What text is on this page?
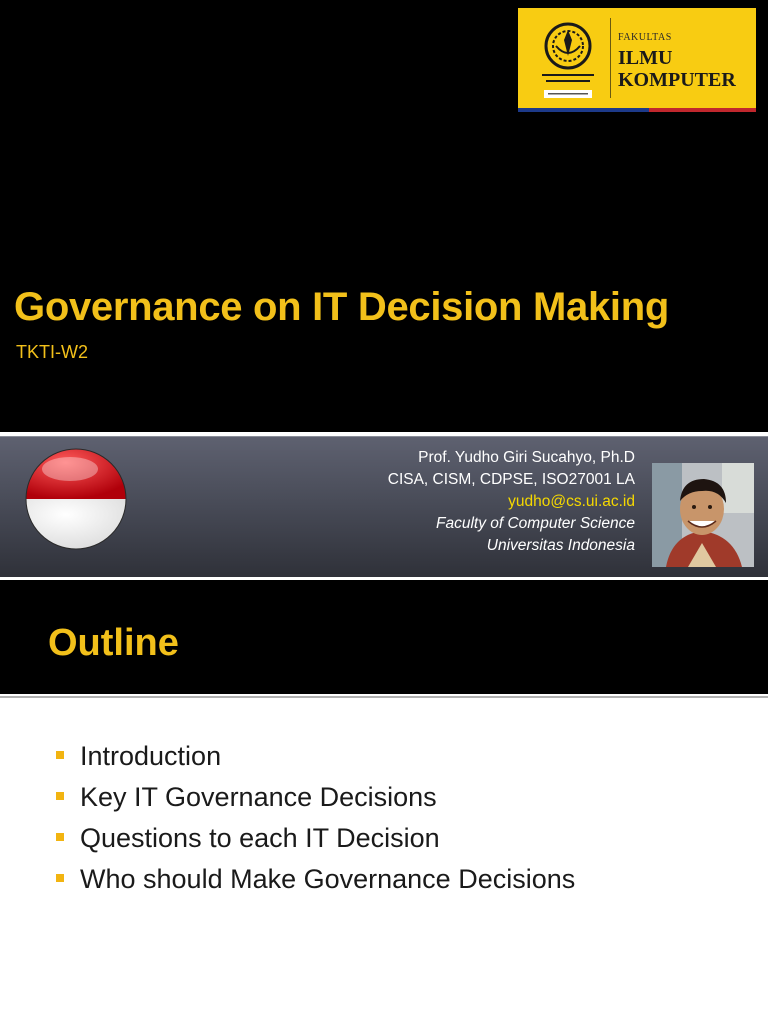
FAKULTAS
ILMU
KOMPUTER
Governance on IT Decision Making
TKTI-W2
Prof. Yudho Giri Sucahyo, Ph.D
CISA, CISM, CDPSE, ISO27001 LA
yudho@cs.ui.ac.id
Faculty of Computer Science
Universitas Indonesia
Outline
Introduction
Key IT Governance Decisions
Questions to each IT Decision
Who should Make Governance Decisions
